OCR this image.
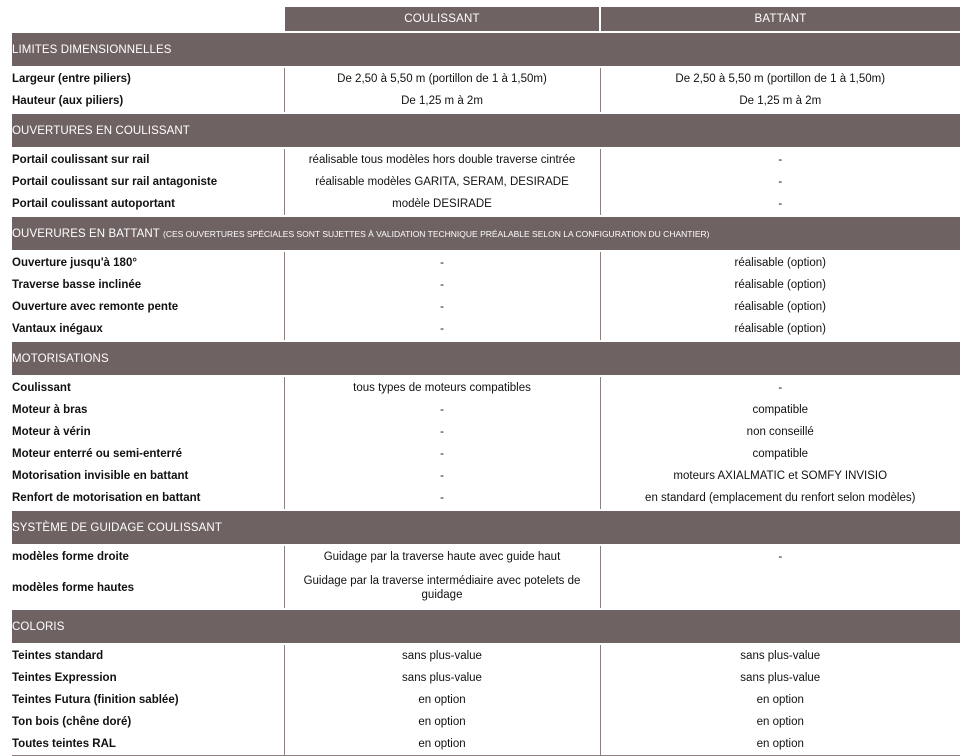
	COULISSANT	BATTANT
LIMITES DIMENSIONNELLES		
Largeur (entre piliers)	De 2,50 à 5,50 m (portillon de 1 à 1,50m)	De 2,50 à 5,50 m (portillon de 1 à 1,50m)
Hauteur (aux piliers)	De 1,25 m à 2m	De 1,25 m à 2m
OUVERTURES EN COULISSANT		
Portail coulissant sur rail	réalisable tous modèles hors double traverse cintrée	-
Portail coulissant sur rail antagoniste	réalisable modèles GARITA, SERAM, DESIRADE	-
Portail coulissant autoportant	modèle DESIRADE	-
OUVERURES EN BATTANT (CES OUVERTURES SPÉCIALES SONT SUJETTES À VALIDATION TECHNIQUE PRÉALABLE SELON LA CONFIGURATION DU CHANTIER)		
Ouverture jusqu'à 180°	-	réalisable (option)
Traverse basse inclinée	-	réalisable (option)
Ouverture avec remonte pente	-	réalisable (option)
Vantaux inégaux	-	réalisable (option)
MOTORISATIONS		
Coulissant	tous types de moteurs compatibles	-
Moteur à bras	-	compatible
Moteur à vérin	-	non conseillé
Moteur enterré ou semi-enterré	-	compatible
Motorisation invisible en battant	-	moteurs AXIALMATIC et SOMFY INVISIO
Renfort de motorisation en battant	-	en standard (emplacement du renfort selon modèles)
SYSTÈME DE GUIDAGE COULISSANT		
modèles forme droite	Guidage par la traverse haute avec guide haut	-
modèles forme hautes	Guidage par la traverse intermédiaire avec potelets de guidage	
COLORIS		
Teintes standard	sans plus-value	sans plus-value
Teintes Expression	sans plus-value	sans plus-value
Teintes Futura (finition sablée)	en option	en option
Ton bois (chêne doré)	en option	en option
Toutes teintes RAL	en option	en option
